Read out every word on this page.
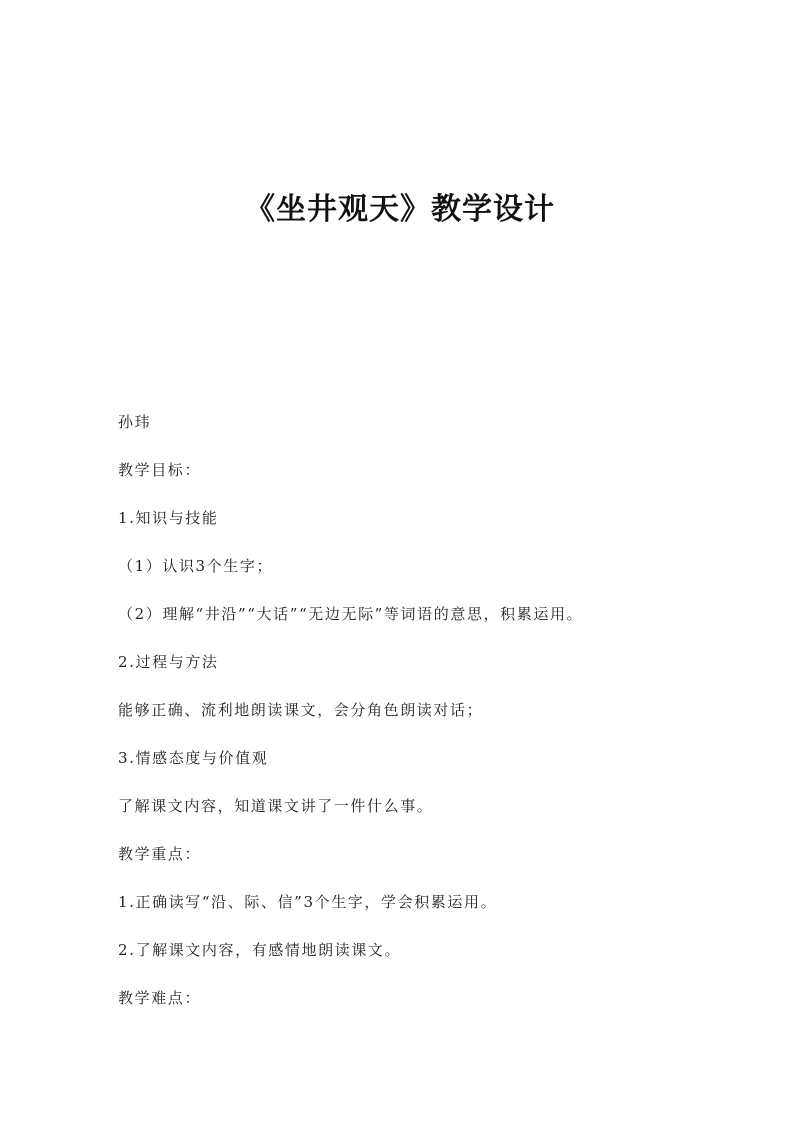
《坐井观天》教学设计

孙玮

教学目标：

1.知识与技能

（1）认识3个生字；

（2）理解“井沿”“大话”“无边无际”等词语的意思，积累运用。

2.过程与方法

能够正确、流利地朗读课文，会分角色朗读对话；

3.情感态度与价值观

了解课文内容，知道课文讲了一件什么事。

教学重点：

1.正确读写“沿、际、信”3个生字，学会积累运用。

2.了解课文内容，有感情地朗读课文。

教学难点：
